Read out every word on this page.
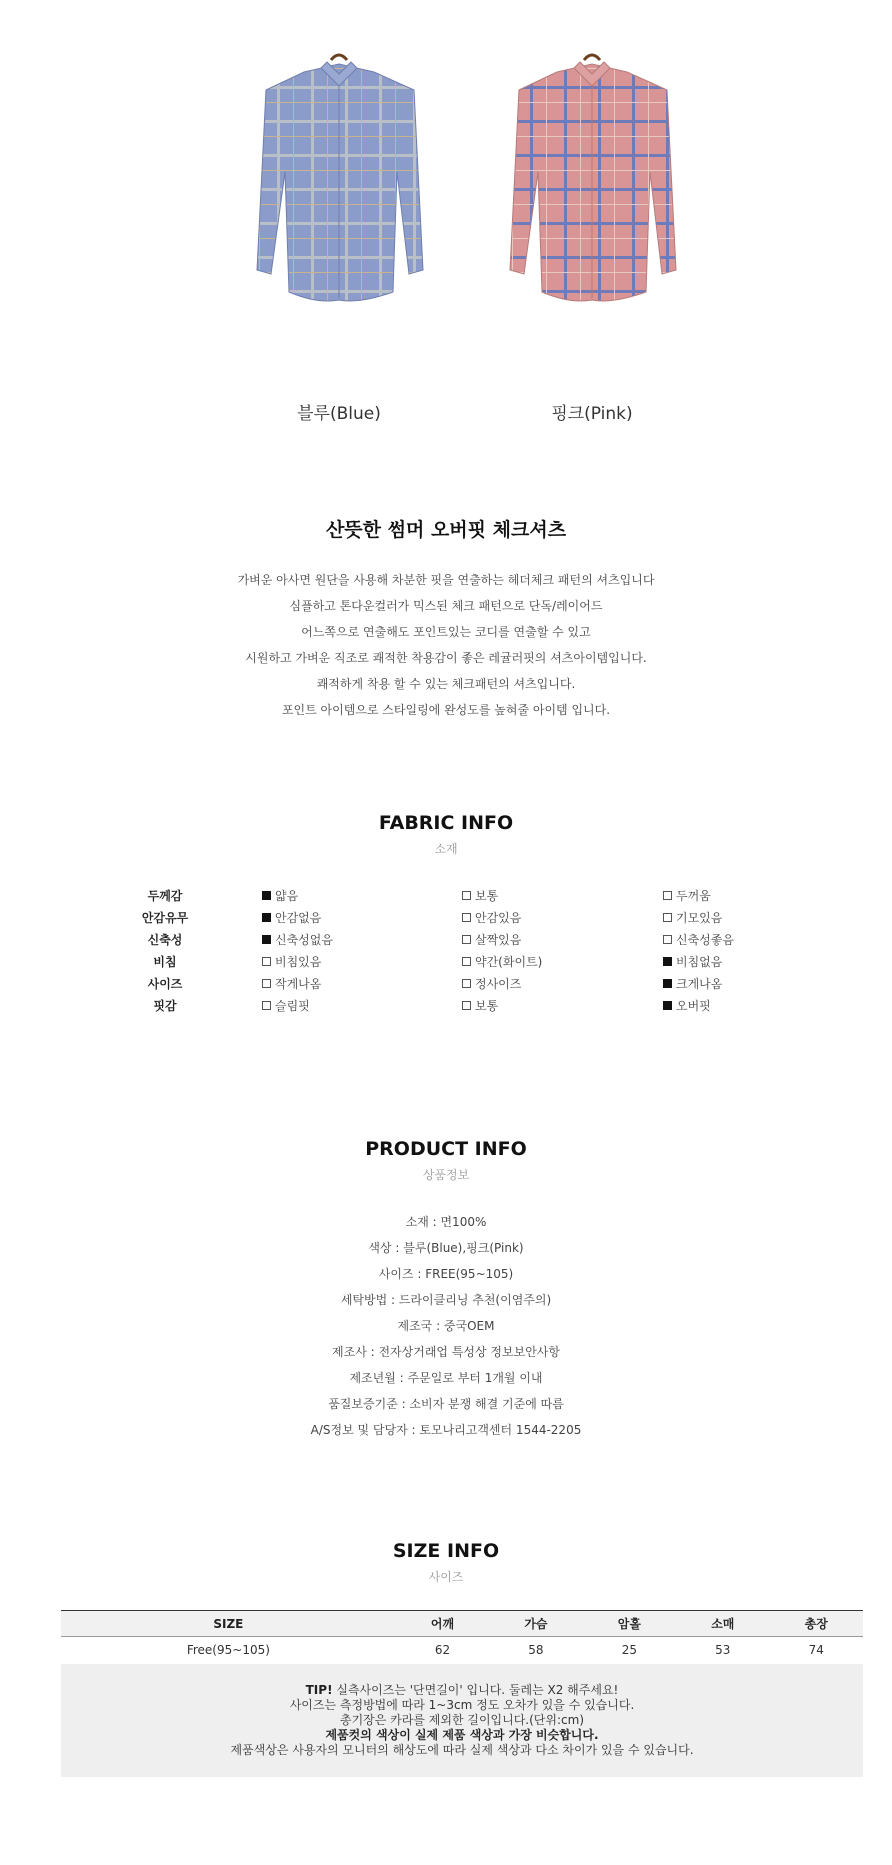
블루(Blue)	핑크(Pink)
산뜻한 썸머 오버핏 체크셔츠
가벼운 아사면 원단을 사용해 차분한 핏을 연출하는 헤더체크 패턴의 셔츠입니다
심플하고 톤다운컬러가 믹스된 체크 패턴으로 단독/레이어드
어느쪽으로 연출해도 포인트있는 코디를 연출할 수 있고
시원하고 가벼운 직조로 쾌적한 착용감이 좋은 레귤러핏의 셔츠아이템입니다.
쾌적하게 착용 할 수 있는 체크패턴의 셔츠입니다.
포인트 아이템으로 스타일링에 완성도를 높혀줄 아이템 입니다.
FABRIC INFO
소재
두께감	얇음	보통	두꺼움
안감유무	안감없음	안감있음	기모있음
신축성	신축성없음	살짝있음	신축성좋음
비침	비침있음	약간(화이트)	비침없음
사이즈	작게나옴	정사이즈	크게나옴
핏감	슬림핏	보통	오버핏
PRODUCT INFO
상품정보
소재 : 면100%
색상 : 블루(Blue),핑크(Pink)
사이즈 : FREE(95~105)
세탁방법 : 드라이클리닝 추천(이염주의)
제조국 : 중국OEM
제조사 : 전자상거래업 특성상 정보보안사항
제조년월 : 주문일로 부터 1개월 이내
품질보증기준 : 소비자 분쟁 해결 기준에 따름
A/S정보 및 담당자 : 토모나리고객센터 1544-2205
SIZE INFO
사이즈
SIZE	어깨	가슴	암홀	소매	총장
Free(95~105)	62	58	25	53	74
TIP! 실측사이즈는 '단면길이' 입니다. 둘레는 X2 해주세요!
사이즈는 측정방법에 따라 1~3cm 정도 오차가 있을 수 있습니다.
총기장은 카라를 제외한 길이입니다.(단위:cm)
제품컷의 색상이 실제 제품 색상과 가장 비슷합니다.
제품색상은 사용자의 모니터의 해상도에 따라 실제 색상과 다소 차이가 있을 수 있습니다.
